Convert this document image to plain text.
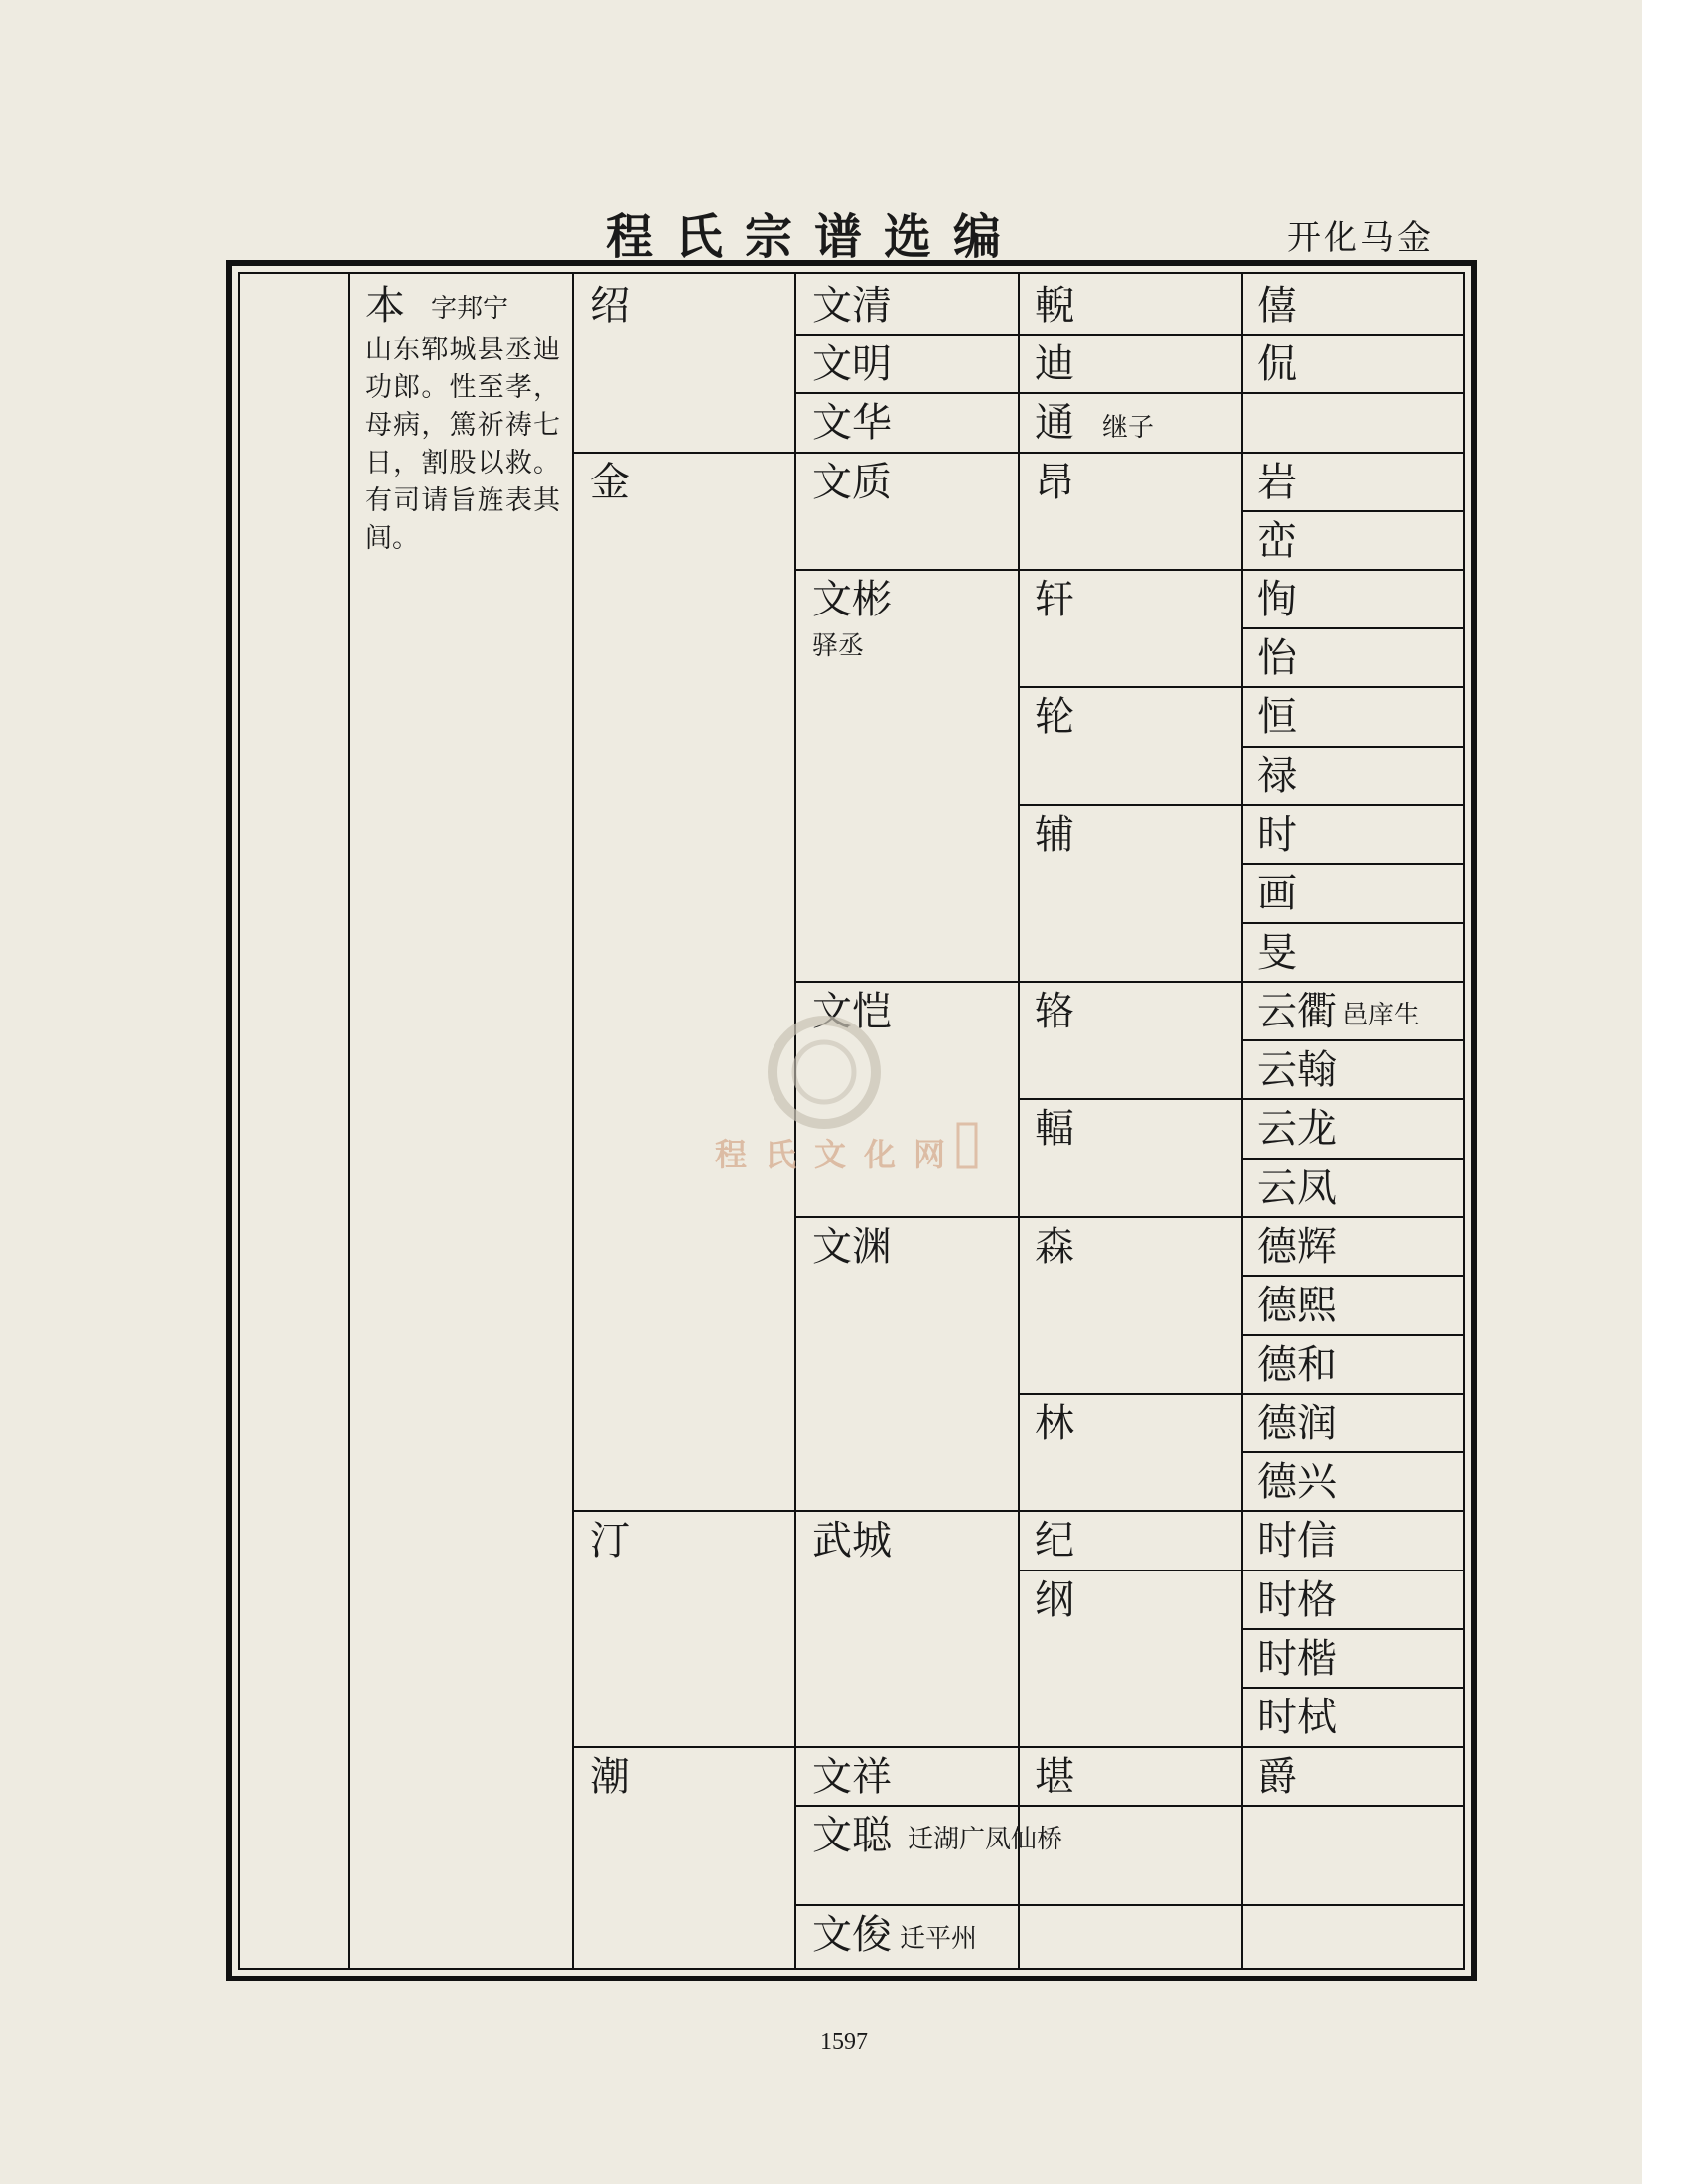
程氏宗谱选编	开化马金
本 字邦宁
山东郓城县丞迪功郎。性至孝，母病，篤祈祷七日，割股以救。有司请旨旌表其闾。
绍
金
汀
潮
文清
文明
文华
文质
文彬
驿丞
文恺
文渊
武城
文祥
文聪 迁湖广凤仙桥
文俊 迁平州
輗
迪
通 继子
昂
轩
轮
辅
辂
輻
森
林
纪
纲
堪
僖
侃
岩
峦
恂
怡
恒
禄
时
画
旻
云衢 邑庠生
云翰
云龙
云凤
德辉
德熙
德和
德润
德兴
时信
时格
时楷
时栻
爵
程氏文化网
1597
